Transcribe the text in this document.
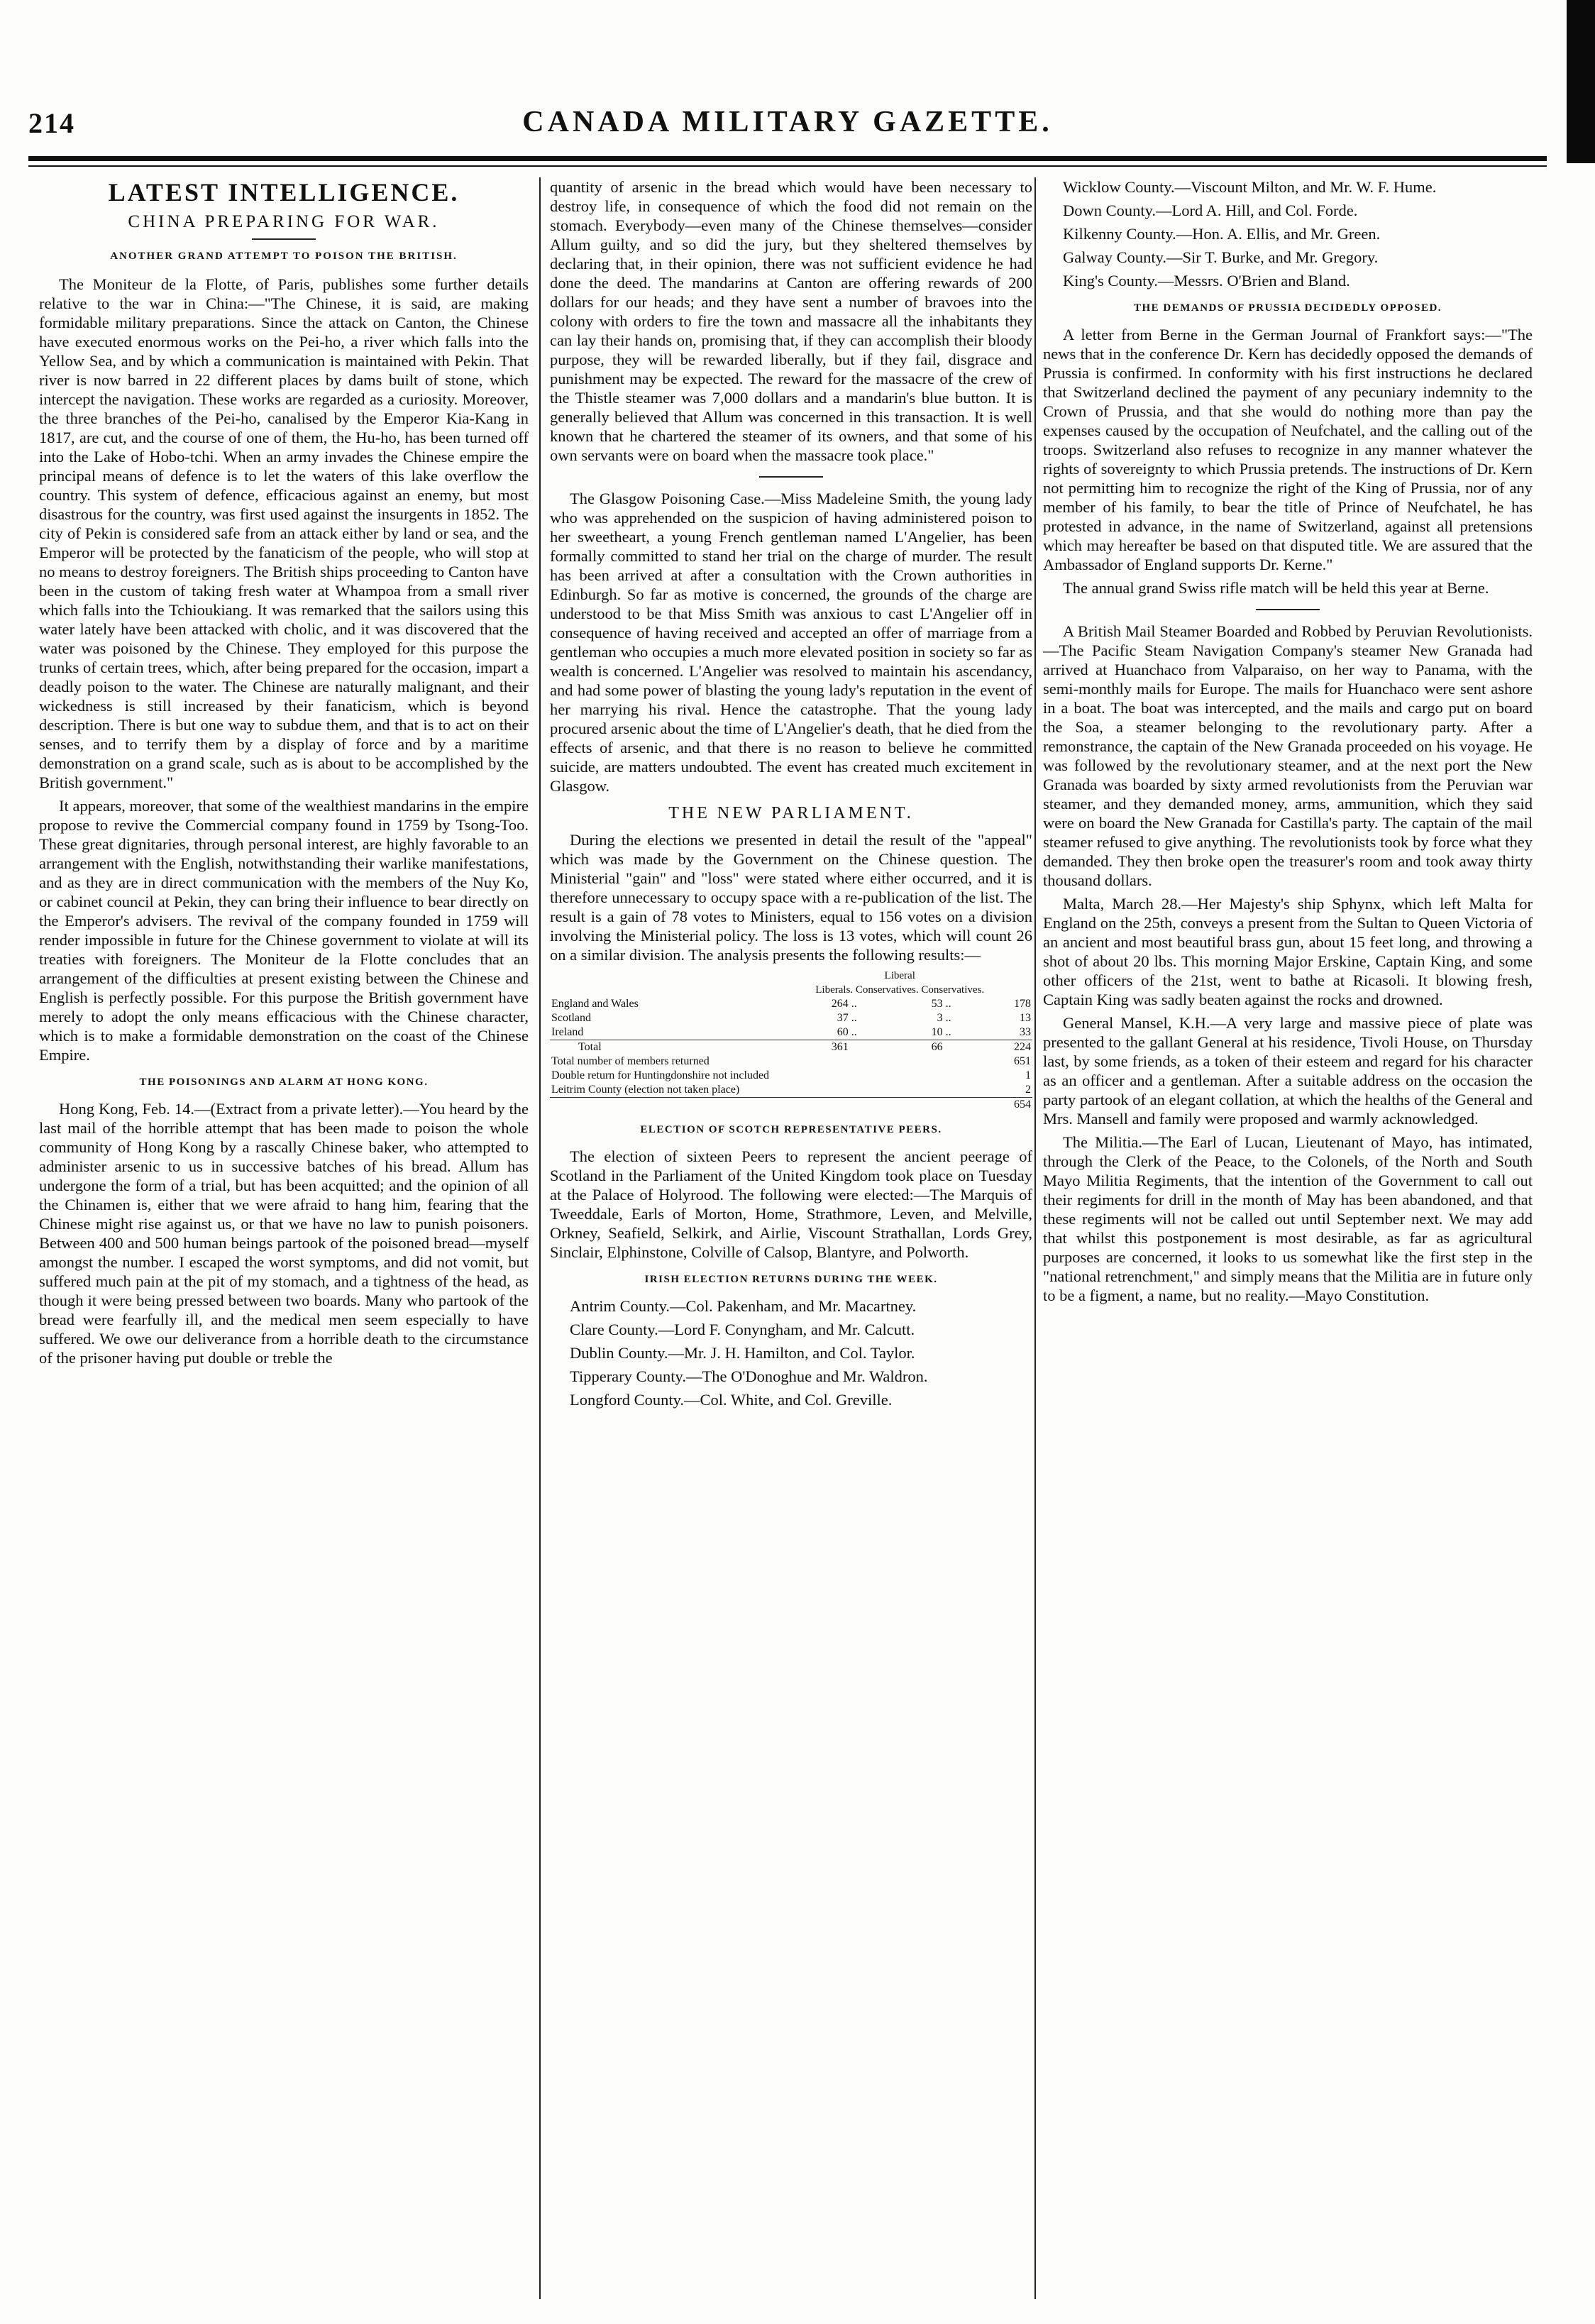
214	CANADA MILITARY GAZETTE.
LATEST INTELLIGENCE.
CHINA PREPARING FOR WAR.
ANOTHER GRAND ATTEMPT TO POISON THE BRITISH.

The Moniteur de la Flotte, of Paris, publishes some further details relative to the war in China:—"The Chinese, it is said, are making formidable military preparations. Since the attack on Canton, the Chinese have executed enormous works on the Pei-ho, a river which falls into the Yellow Sea, and by which a communication is maintained with Pekin. That river is now barred in 22 different places by dams built of stone, which intercept the navigation. These works are regarded as a curiosity. Moreover, the three branches of the Pei-ho, canalised by the Emperor Kia-Kang in 1817, are cut, and the course of one of them, the Hu-ho, has been turned off into the Lake of Hobo-tchi. When an army invades the Chinese empire the principal means of defence is to let the waters of this lake overflow the country. This system of defence, efficacious against an enemy, but most disastrous for the country, was first used against the insurgents in 1852. The city of Pekin is considered safe from an attack either by land or sea, and the Emperor will be protected by the fanaticism of the people, who will stop at no means to destroy foreigners. The British ships proceeding to Canton have been in the custom of taking fresh water at Whampoa from a small river which falls into the Tchioukiang. It was remarked that the sailors using this water lately have been attacked with cholic, and it was discovered that the water was poisoned by the Chinese. They employed for this purpose the trunks of certain trees, which, after being prepared for the occasion, impart a deadly poison to the water. The Chinese are naturally malignant, and their wickedness is still increased by their fanaticism, which is beyond description. There is but one way to subdue them, and that is to act on their senses, and to terrify them by a display of force and by a maritime demonstration on a grand scale, such as is about to be accomplished by the British government."

It appears, moreover, that some of the wealthiest mandarins in the empire propose to revive the Commercial company found in 1759 by Tsong-Too. These great dignitaries, through personal interest, are highly favorable to an arrangement with the English, notwithstanding their warlike manifestations, and as they are in direct communication with the members of the Nuy Ko, or cabinet council at Pekin, they can bring their influence to bear directly on the Emperor's advisers. The revival of the company founded in 1759 will render impossible in future for the Chinese government to violate at will its treaties with foreigners. The Moniteur de la Flotte concludes that an arrangement of the difficulties at present existing between the Chinese and English is perfectly possible. For this purpose the British government have merely to adopt the only means efficacious with the Chinese character, which is to make a formidable demonstration on the coast of the Chinese Empire.

THE POISONINGS AND ALARM AT HONG KONG.

Hong Kong, Feb. 14.—(Extract from a private letter).—You heard by the last mail of the horrible attempt that has been made to poison the whole community of Hong Kong by a rascally Chinese baker, who attempted to administer arsenic to us in successive batches of his bread. Allum has undergone the form of a trial, but has been acquitted; and the opinion of all the Chinamen is, either that we were afraid to hang him, fearing that the Chinese might rise against us, or that we have no law to punish poisoners. Between 400 and 500 human beings partook of the poisoned bread—myself amongst the number. I escaped the worst symptoms, and did not vomit, but suffered much pain at the pit of my stomach, and a tightness of the head, as though it were being pressed between two boards. Many who partook of the bread were fearfully ill, and the medical men seem especially to have suffered. We owe our deliverance from a horrible death to the circumstance of the prisoner having put double or treble the

quantity of arsenic in the bread which would have been necessary to destroy life, in consequence of which the food did not remain on the stomach. Everybody—even many of the Chinese themselves—consider Allum guilty, and so did the jury, but they sheltered themselves by declaring that, in their opinion, there was not sufficient evidence he had done the deed. The mandarins at Canton are offering rewards of 200 dollars for our heads; and they have sent a number of bravoes into the colony with orders to fire the town and massacre all the inhabitants they can lay their hands on, promising that, if they can accomplish their bloody purpose, they will be rewarded liberally, but if they fail, disgrace and punishment may be expected. The reward for the massacre of the crew of the Thistle steamer was 7,000 dollars and a mandarin's blue button. It is generally believed that Allum was concerned in this transaction. It is well known that he chartered the steamer of its owners, and that some of his own servants were on board when the massacre took place."

The Glasgow Poisoning Case.—Miss Madeleine Smith, the young lady who was apprehended on the suspicion of having administered poison to her sweetheart, a young French gentleman named L'Angelier, has been formally committed to stand her trial on the charge of murder. The result has been arrived at after a consultation with the Crown authorities in Edinburgh. So far as motive is concerned, the grounds of the charge are understood to be that Miss Smith was anxious to cast L'Angelier off in consequence of having received and accepted an offer of marriage from a gentleman who occupies a much more elevated position in society so far as wealth is concerned. L'Angelier was resolved to maintain his ascendancy, and had some power of blasting the young lady's reputation in the event of her marrying his rival. Hence the catastrophe. That the young lady procured arsenic about the time of L'Angelier's death, that he died from the effects of arsenic, and that there is no reason to believe he committed suicide, are matters undoubted. The event has created much excitement in Glasgow.

THE NEW PARLIAMENT.

During the elections we presented in detail the result of the "appeal" which was made by the Government on the Chinese question. The Ministerial "gain" and "loss" were stated where either occurred, and it is therefore unnecessary to occupy space with a re-publication of the list. The result is a gain of 78 votes to Ministers, equal to 156 votes on a division involving the Ministerial policy. The loss is 13 votes, which will count 26 on a similar division. The analysis presents the following results:—

	Liberal				
	Liberals. Conservatives. Conservatives.				
England and Wales	264	..	53	..	178
Scotland	37	..	3	..	13
Ireland	60	..	10	..	33
Total	361		66		224
Total number of members returned					651
Double return for Huntingdonshire not included					1
Leitrim County (election not taken place)					2
					654
ELECTION OF SCOTCH REPRESENTATIVE PEERS.

The election of sixteen Peers to represent the ancient peerage of Scotland in the Parliament of the United Kingdom took place on Tuesday at the Palace of Holyrood. The following were elected:—The Marquis of Tweeddale, Earls of Morton, Home, Strathmore, Leven, and Melville, Orkney, Seafield, Selkirk, and Airlie, Viscount Strathallan, Lords Grey, Sinclair, Elphinstone, Colville of Calsop, Blantyre, and Polworth.

IRISH ELECTION RETURNS DURING THE WEEK.

Antrim County.—Col. Pakenham, and Mr. Macartney.

Clare County.—Lord F. Conyngham, and Mr. Calcutt.

Dublin County.—Mr. J. H. Hamilton, and Col. Taylor.

Tipperary County.—The O'Donoghue and Mr. Waldron.

Longford County.—Col. White, and Col. Greville.

Wicklow County.—Viscount Milton, and Mr. W. F. Hume.

Down County.—Lord A. Hill, and Col. Forde.

Kilkenny County.—Hon. A. Ellis, and Mr. Green.

Galway County.—Sir T. Burke, and Mr. Gregory.

King's County.—Messrs. O'Brien and Bland.

THE DEMANDS OF PRUSSIA DECIDEDLY OPPOSED.

A letter from Berne in the German Journal of Frankfort says:—"The news that in the conference Dr. Kern has decidedly opposed the demands of Prussia is confirmed. In conformity with his first instructions he declared that Switzerland declined the payment of any pecuniary indemnity to the Crown of Prussia, and that she would do nothing more than pay the expenses caused by the occupation of Neufchatel, and the calling out of the troops. Switzerland also refuses to recognize in any manner whatever the rights of sovereignty to which Prussia pretends. The instructions of Dr. Kern not permitting him to recognize the right of the King of Prussia, nor of any member of his family, to bear the title of Prince of Neufchatel, he has protested in advance, in the name of Switzerland, against all pretensions which may hereafter be based on that disputed title. We are assured that the Ambassador of England supports Dr. Kerne."

The annual grand Swiss rifle match will be held this year at Berne.

A British Mail Steamer Boarded and Robbed by Peruvian Revolutionists.—The Pacific Steam Navigation Company's steamer New Granada had arrived at Huanchaco from Valparaiso, on her way to Panama, with the semi-monthly mails for Europe. The mails for Huanchaco were sent ashore in a boat. The boat was intercepted, and the mails and cargo put on board the Soa, a steamer belonging to the revolutionary party. After a remonstrance, the captain of the New Granada proceeded on his voyage. He was followed by the revolutionary steamer, and at the next port the New Granada was boarded by sixty armed revolutionists from the Peruvian war steamer, and they demanded money, arms, ammunition, which they said were on board the New Granada for Castilla's party. The captain of the mail steamer refused to give anything. The revolutionists took by force what they demanded. They then broke open the treasurer's room and took away thirty thousand dollars.

Malta, March 28.—Her Majesty's ship Sphynx, which left Malta for England on the 25th, conveys a present from the Sultan to Queen Victoria of an ancient and most beautiful brass gun, about 15 feet long, and throwing a shot of about 20 lbs. This morning Major Erskine, Captain King, and some other officers of the 21st, went to bathe at Ricasoli. It blowing fresh, Captain King was sadly beaten against the rocks and drowned.

General Mansel, K.H.—A very large and massive piece of plate was presented to the gallant General at his residence, Tivoli House, on Thursday last, by some friends, as a token of their esteem and regard for his character as an officer and a gentleman. After a suitable address on the occasion the party partook of an elegant collation, at which the healths of the General and Mrs. Mansell and family were proposed and warmly acknowledged.

The Militia.—The Earl of Lucan, Lieutenant of Mayo, has intimated, through the Clerk of the Peace, to the Colonels, of the North and South Mayo Militia Regiments, that the intention of the Government to call out their regiments for drill in the month of May has been abandoned, and that these regiments will not be called out until September next. We may add that whilst this postponement is most desirable, as far as agricultural purposes are concerned, it looks to us somewhat like the first step in the "national retrenchment," and simply means that the Militia are in future only to be a figment, a name, but no reality.—Mayo Constitution.
